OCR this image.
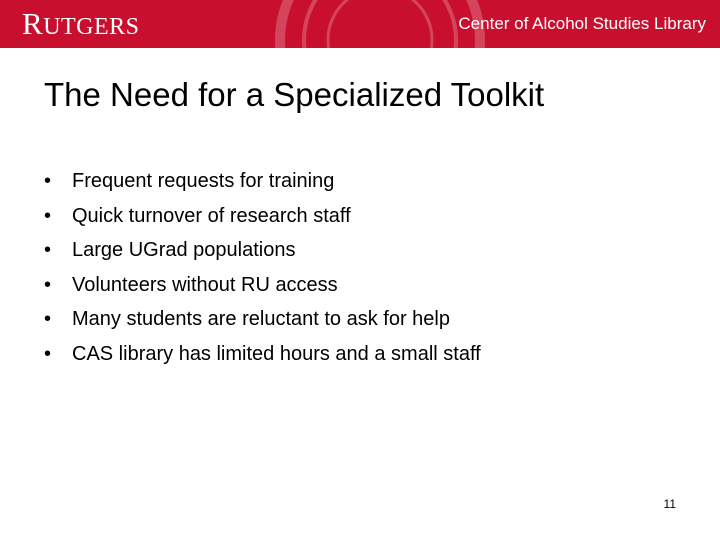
R UTGERS	Center of Alcohol Studies Library
The Need for a Specialized Toolkit
•	Frequent requests for training
•	Quick turnover of research staff
•	Large UGrad populations
•	Volunteers without RU access
•	Many students are reluctant to ask for help
•	CAS library has limited hours and a small staff
11
